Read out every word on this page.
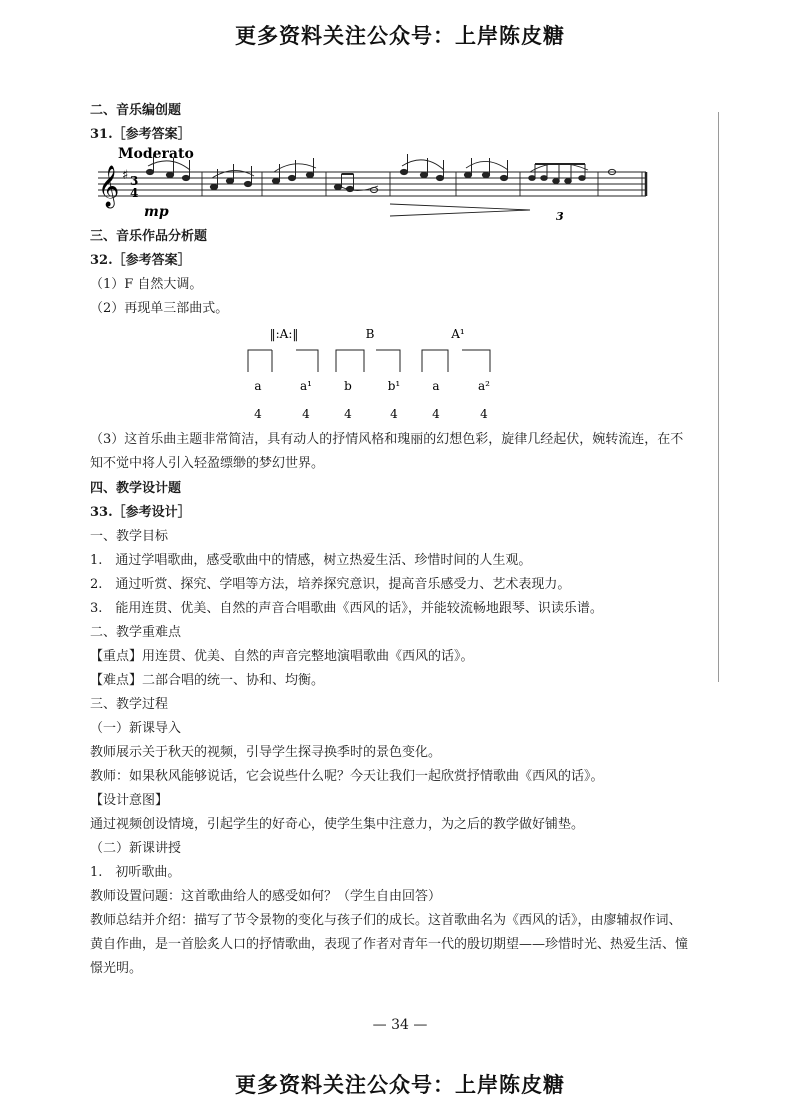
更多资料关注公众号：上岸陈皮糖
二、音乐编创题
31.［参考答案］
Moderato
𝄞 ♯ 3
4
mp	3
三、音乐作品分析题
32.［参考答案］
（1）F 自然大调。
（2）再现单三部曲式。
‖:A:‖	B	A¹
a	a¹	b	b¹	a	a²
4	4	4	4	4	4
（3）这首乐曲主题非常简洁，具有动人的抒情风格和瑰丽的幻想色彩，旋律几经起伏，婉转流连，在不知不觉中将人引入轻盈缥缈的梦幻世界。
四、教学设计题
33.［参考设计］
一、教学目标
1.　通过学唱歌曲，感受歌曲中的情感，树立热爱生活、珍惜时间的人生观。
2.　通过听赏、探究、学唱等方法，培养探究意识，提高音乐感受力、艺术表现力。
3.　能用连贯、优美、自然的声音合唱歌曲《西风的话》，并能较流畅地跟琴、识读乐谱。
二、教学重难点
【重点】用连贯、优美、自然的声音完整地演唱歌曲《西风的话》。
【难点】二部合唱的统一、协和、均衡。
三、教学过程
（一）新课导入
教师展示关于秋天的视频，引导学生探寻换季时的景色变化。
教师：如果秋风能够说话，它会说些什么呢？今天让我们一起欣赏抒情歌曲《西风的话》。
【设计意图】
通过视频创设情境，引起学生的好奇心，使学生集中注意力，为之后的教学做好铺垫。
（二）新课讲授
1.　初听歌曲。
教师设置问题：这首歌曲给人的感受如何？（学生自由回答）
教师总结并介绍：描写了节令景物的变化与孩子们的成长。这首歌曲名为《西风的话》，由廖辅叔作词、黄自作曲，是一首脍炙人口的抒情歌曲，表现了作者对青年一代的殷切期望——珍惜时光、热爱生活、憧憬光明。
— 34 —
更多资料关注公众号：上岸陈皮糖
